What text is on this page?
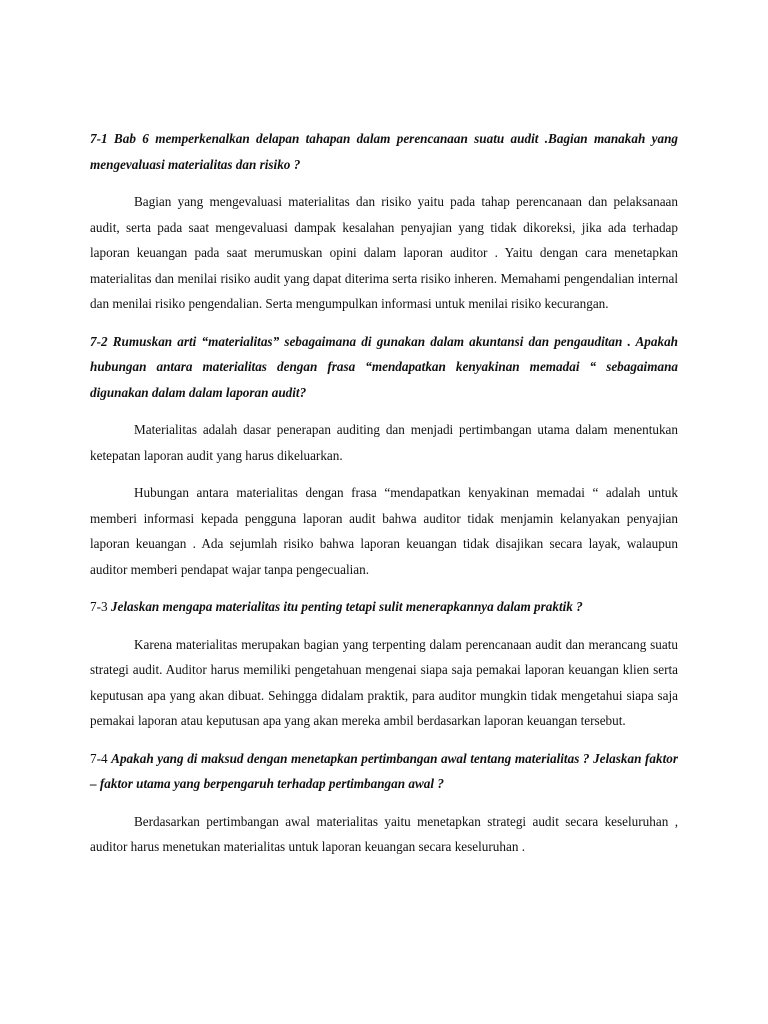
7-1 Bab 6 memperkenalkan delapan tahapan dalam perencanaan suatu audit .Bagian manakah yang mengevaluasi materialitas dan risiko ?

Bagian yang mengevaluasi materialitas dan risiko yaitu pada tahap perencanaan dan pelaksanaan audit, serta pada saat mengevaluasi dampak kesalahan penyajian yang tidak dikoreksi, jika ada terhadap laporan keuangan pada saat merumuskan opini dalam laporan auditor . Yaitu dengan cara menetapkan materialitas dan menilai risiko audit yang dapat diterima serta risiko inheren. Memahami pengendalian internal dan menilai risiko pengendalian. Serta mengumpulkan informasi untuk menilai risiko kecurangan.

7-2 Rumuskan arti “materialitas” sebagaimana di gunakan dalam akuntansi dan pengauditan . Apakah hubungan antara materialitas dengan frasa “mendapatkan kenyakinan memadai “ sebagaimana digunakan dalam dalam laporan audit?

Materialitas adalah dasar penerapan auditing dan menjadi pertimbangan utama dalam menentukan ketepatan laporan audit yang harus dikeluarkan.

Hubungan antara materialitas dengan frasa “mendapatkan kenyakinan memadai “ adalah untuk memberi informasi kepada pengguna laporan audit bahwa auditor tidak menjamin kelanyakan penyajian laporan keuangan . Ada sejumlah risiko bahwa laporan keuangan tidak disajikan secara layak, walaupun auditor memberi pendapat wajar tanpa pengecualian.

7-3 Jelaskan mengapa materialitas itu penting tetapi sulit menerapkannya dalam praktik ?

Karena materialitas merupakan bagian yang terpenting dalam perencanaan audit dan merancang suatu strategi audit. Auditor harus memiliki pengetahuan mengenai siapa saja pemakai laporan keuangan klien serta keputusan apa yang akan dibuat. Sehingga didalam praktik, para auditor mungkin tidak mengetahui siapa saja pemakai laporan atau keputusan apa yang akan mereka ambil berdasarkan laporan keuangan tersebut.

7-4 Apakah yang di maksud dengan menetapkan pertimbangan awal tentang materialitas ? Jelaskan faktor – faktor utama yang berpengaruh terhadap pertimbangan awal ?

Berdasarkan pertimbangan awal materialitas yaitu menetapkan strategi audit secara keseluruhan , auditor harus menetukan materialitas untuk laporan keuangan secara keseluruhan .
